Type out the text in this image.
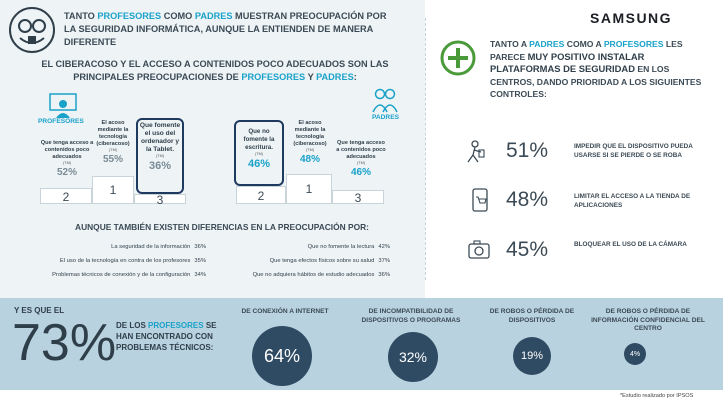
TANTO PROFESORES COMO PADRES MUESTRAN PREOCUPACIÓN POR LA SEGURIDAD INFORMÁTICA, AUNQUE LA ENTIENDEN DE MANERA DIFERENTE
EL CIBERACOSO Y EL ACCESO A CONTENIDOS POCO ADECUADOS SON LAS PRINCIPALES PREOCUPACIONES DE PROFESORES Y PADRES:
PROFESORES
Que tenga acceso a contenidos poco adecuados
(TM)
52%
El acoso mediante la tecnología (ciberacoso)
(TM)
55%
Que fomente el uso del ordenador y la Tablet.
(TM)
36%
2	1
3
PADRES
Que no fomente la escritura.
(TM)
46%
El acoso mediante la tecnología (ciberacoso)
(TM)
48%
Que tenga acceso a contenidos poco adecuados
(TM)
46%
2	1
3
AUNQUE TAMBIÉN EXISTEN DIFERENCIAS EN LA PREOCUPACIÓN POR:
La seguridad de la información 36%
El uso de la tecnología en contra de los profesores 35%
Problemas técnicos de conexión y de la configuración 34%
Que no fomente la lectura 42%
Que tenga efectos físicos sobre su salud 37%
Que no adquiera hábitos de estudio adecuados 36%
SAMSUNG
TANTO A PADRES COMO A PROFESORES LES PARECE MUY POSITIVO INSTALAR PLATAFORMAS DE SEGURIDAD EN LOS CENTROS, DANDO PRIORIDAD A LOS SIGUIENTES CONTROLES:
51%	IMPEDIR QUE EL DISPOSITIVO PUEDA USARSE SI SE PIERDE O SE ROBA
48%	LIMITAR EL ACCESO A LA TIENDA DE APLICACIONES
45%	BLOQUEAR EL USO DE LA CÁMARA
Y ES QUE EL
73% DE LOS PROFESORES SE HAN ENCONTRADO CON PROBLEMAS TÉCNICOS:
DE CONEXIÓN A INTERNET
64%
DE INCOMPATIBILIDAD DE DISPOSITIVOS O PROGRAMAS
32%
DE ROBOS O PÉRDIDA DE DISPOSITIVOS
19%
DE ROBOS O PÉRDIDA DE INFORMACIÓN CONFIDENCIAL DEL CENTRO
4%
*Estudio realizado por IPSOS
